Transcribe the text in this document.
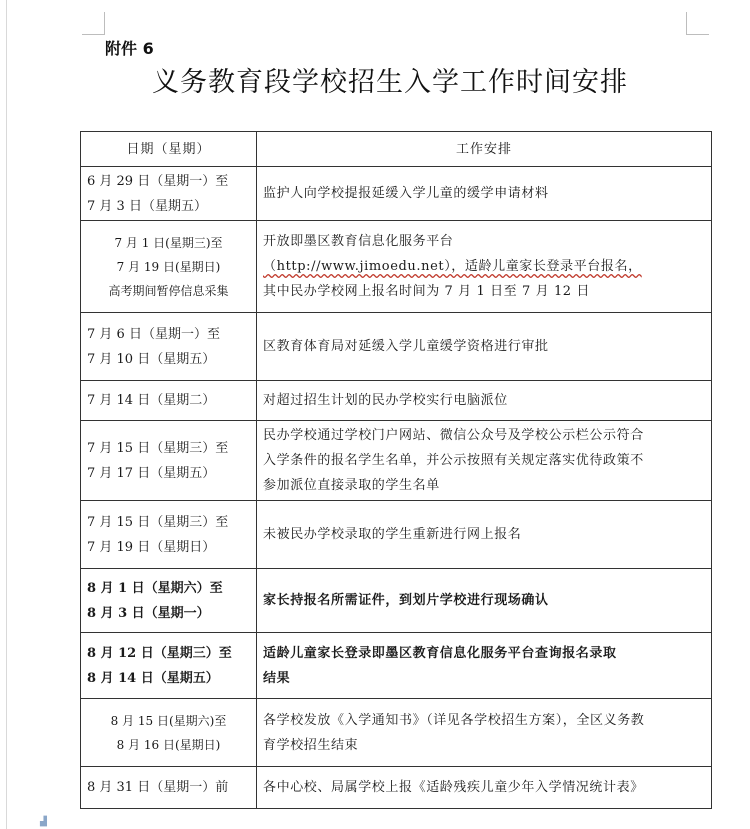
▟
附件 6
义务教育段学校招生入学工作时间安排
日期（星期）	工作安排

6 月 29 日（星期一）至
7 月 3 日（星期五）	监护人向学校提报延缓入学儿童的缓学申请材料

7 月 1 日(星期三)至
7 月 19 日(星期日)
高考期间暂停信息采集	开放即墨区教育信息化服务平台
（http://www.jimoedu.net），适龄儿童家长登录平台报名，
其中民办学校网上报名时间为 7 月 1 日至 7 月 12 日

7 月 6 日（星期一）至
7 月 10 日（星期五）	区教育体育局对延缓入学儿童缓学资格进行审批

7 月 14 日（星期二）	对超过招生计划的民办学校实行电脑派位

7 月 15 日（星期三）至
7 月 17 日（星期五）	民办学校通过学校门户网站、微信公众号及学校公示栏公示符合
入学条件的报名学生名单，并公示按照有关规定落实优待政策不
参加派位直接录取的学生名单

7 月 15 日（星期三）至
7 月 19 日（星期日）	未被民办学校录取的学生重新进行网上报名

8 月 1 日（星期六）至
8 月 3 日（星期一）	家长持报名所需证件，到划片学校进行现场确认

8 月 12 日（星期三）至
8 月 14 日（星期五）	适龄儿童家长登录即墨区教育信息化服务平台查询报名录取
结果

8 月 15 日(星期六)至
8 月 16 日(星期日)	各学校发放《入学通知书》（详见各学校招生方案），全区义务教
育学校招生结束

8 月 31 日（星期一）前	各中心校、局属学校上报《适龄残疾儿童少年入学情况统计表》
